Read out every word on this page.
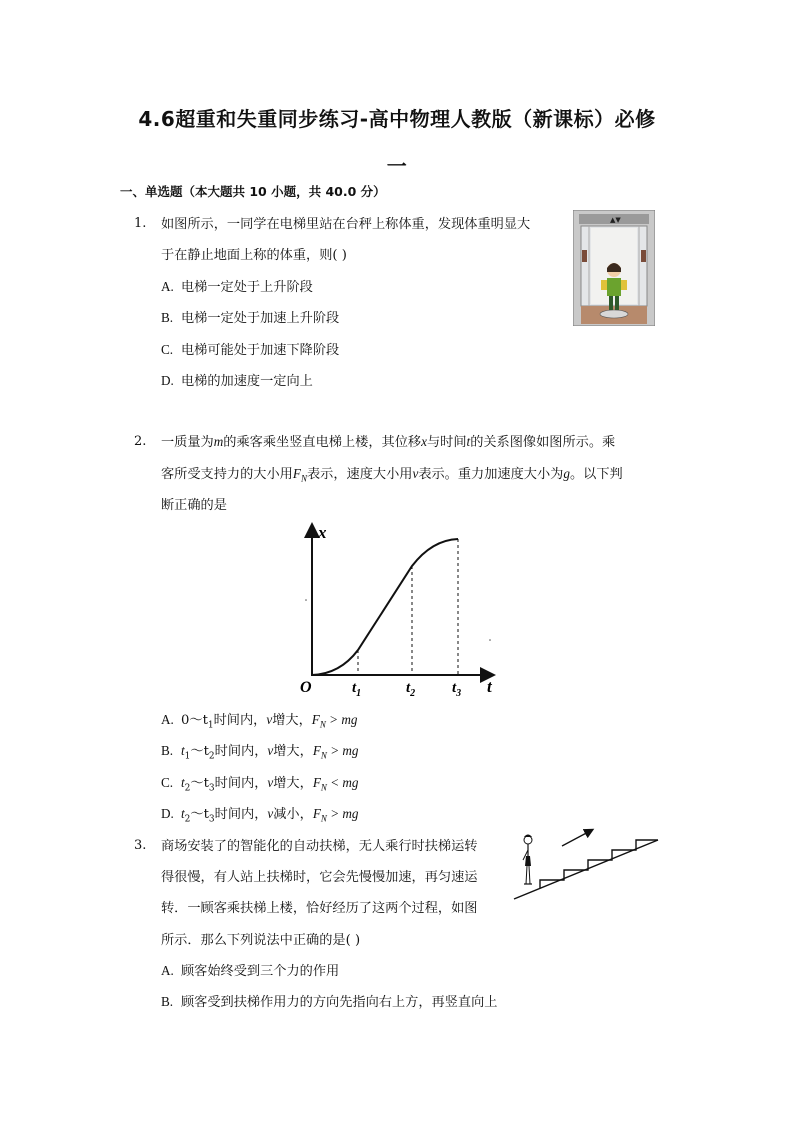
4.6超重和失重同步练习-高中物理人教版（新课标）必修
一
一、单选题（本大题共 10 小题，共 40.0 分）
1. 如图所示，一同学在电梯里站在台秤上称体重，发现体重明显大
于在静止地面上称的体重，则( )
A. 电梯一定处于上升阶段
B. 电梯一定处于加速上升阶段
C. 电梯可能处于加速下降阶段
D. 电梯的加速度一定向上
▲▼
2. 一质量为m的乘客乘坐竖直电梯上楼，其位移x与时间t的关系图像如图所示。乘
客所受支持力的大小用$F_N$表示，速度大小用v表示。重力加速度大小为g。以下判
断正确的是
x
t
O	$t_1$	$t_2$ $t_3$
A. $0\sim t_1$时间内，v增大，$F_N$ > mg
B. $t_1\sim t_2$时间内，v增大，$F_N$ > mg
C. $t_2\sim t_3$时间内，v增大，$F_N$ < mg
D. $t_2\sim t_3$时间内，v减小，$F_N$ > mg
3. 商场安装了的智能化的自动扶梯，无人乘行时扶梯运转
得很慢，有人站上扶梯时，它会先慢慢加速，再匀速运
转．一顾客乘扶梯上楼，恰好经历了这两个过程，如图
所示．那么下列说法中正确的是( )
A. 顾客始终受到三个力的作用
B. 顾客受到扶梯作用力的方向先指向右上方，再竖直向上
